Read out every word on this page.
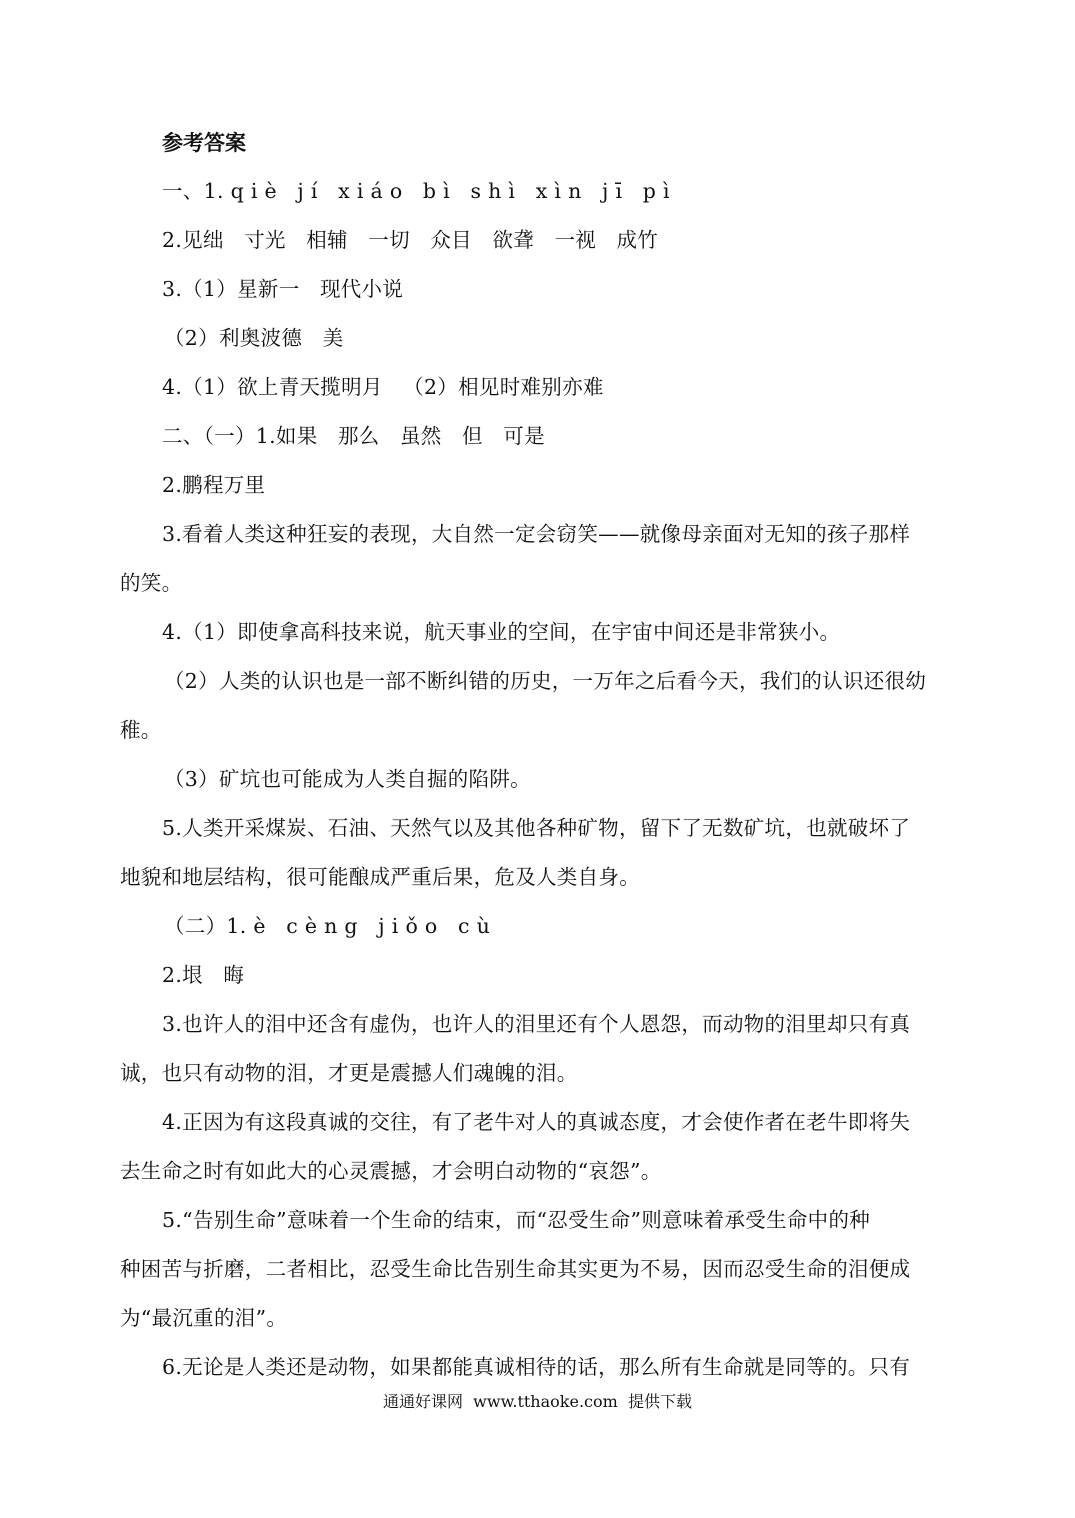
参考答案
一、1. q i è   j í   x i á o   b ì   s h ì   x ì n   j ī   p ì
2.见绌   寸光   相辅   一切   众目   欲聋   一视   成竹
3.（1）星新一   现代小说
（2）利奥波德   美
4.（1）欲上青天揽明月   （2）相见时难别亦难
二、（一）1.如果   那么   虽然   但   可是
2.鹏程万里
3.看着人类这种狂妄的表现，大自然一定会窃笑——就像母亲面对无知的孩子那样
的笑。
4.（1）即使拿高科技来说，航天事业的空间，在宇宙中间还是非常狭小。
（2）人类的认识也是一部不断纠错的历史，一万年之后看今天，我们的认识还很幼
稚。
（3）矿坑也可能成为人类自掘的陷阱。
5.人类开采煤炭、石油、天然气以及其他各种矿物，留下了无数矿坑，也就破坏了
地貌和地层结构，很可能酿成严重后果，危及人类自身。
（二）1. è   c è n g   j i ǒ o   c ù
2.垠   晦
3.也许人的泪中还含有虚伪，也许人的泪里还有个人恩怨，而动物的泪里却只有真
诚，也只有动物的泪，才更是震撼人们魂魄的泪。
4.正因为有这段真诚的交往，有了老牛对人的真诚态度，才会使作者在老牛即将失
去生命之时有如此大的心灵震撼，才会明白动物的“哀怨”。
5.“告别生命”意味着一个生命的结束，而“忍受生命”则意味着承受生命中的种
种困苦与折磨，二者相比，忍受生命比告别生命其实更为不易，因而忍受生命的泪便成
为“最沉重的泪”。
6.无论是人类还是动物，如果都能真诚相待的话，那么所有生命就是同等的。只有
通通好课网  www.tthaoke.com  提供下载
